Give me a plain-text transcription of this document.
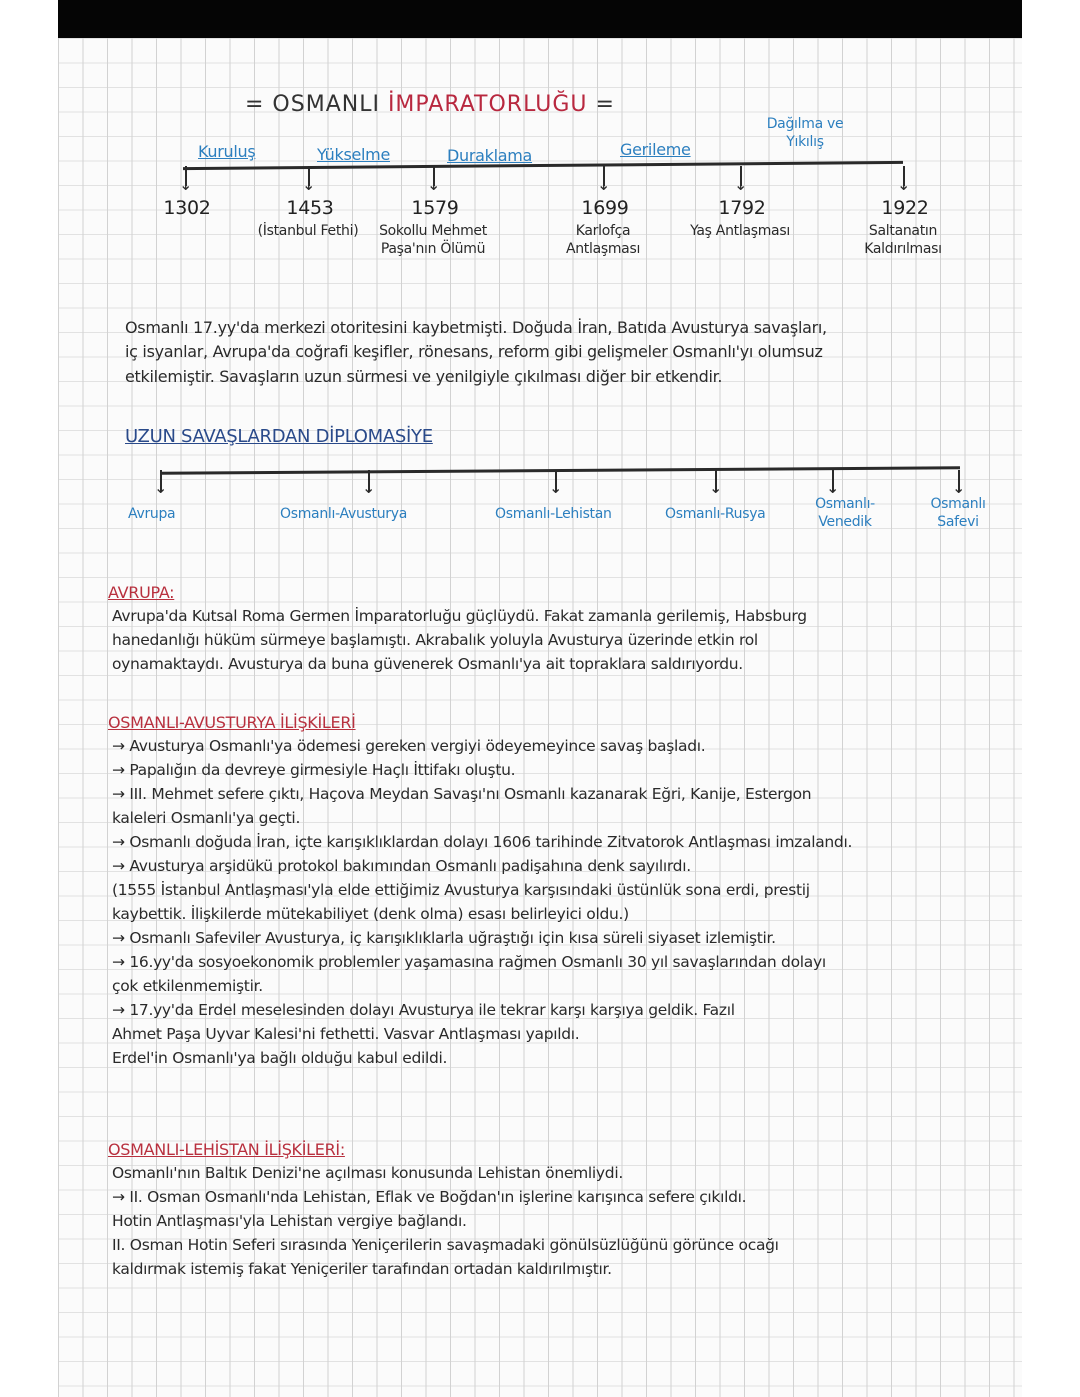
= OSMANLI İMPARATORLUĞU =
Kuruluş	Yükselme	Duraklama	Gerileme
Dağılma ve Yıkılış
↓
1302
↓
1453
(İstanbul Fethi)
↓
1579
Sokollu Mehmet Paşa'nın Ölümü
↓
1699
Karlofça Antlaşması
↓
1792
Yaş Antlaşması
↓
1922
Saltanatın Kaldırılması
Osmanlı 17.yy'da merkezi otoritesini kaybetmişti. Doğuda İran, Batıda Avusturya savaşları,
iç isyanlar, Avrupa'da coğrafi keşifler, rönesans, reform gibi gelişmeler Osmanlı'yı olumsuz
etkilemiştir. Savaşların uzun sürmesi ve yenilgiyle çıkılması diğer bir etkendir.
UZUN SAVAŞLARDAN DİPLOMASİYE
↓
Avrupa
↓
Osmanlı-Avusturya
↓
Osmanlı-Lehistan
↓
Osmanlı-Rusya
↓
Osmanlı-Venedik
↓
Osmanlı Safevi
AVRUPA:
Avrupa'da Kutsal Roma Germen İmparatorluğu güçlüydü. Fakat zamanla gerilemiş, Habsburg
hanedanlığı hüküm sürmeye başlamıştı. Akrabalık yoluyla Avusturya üzerinde etkin rol
oynamaktaydı. Avusturya da buna güvenerek Osmanlı'ya ait topraklara saldırıyordu.
OSMANLI-AVUSTURYA İLİŞKİLERİ
→ Avusturya Osmanlı'ya ödemesi gereken vergiyi ödeyemeyince savaş başladı.
→ Papalığın da devreye girmesiyle Haçlı İttifakı oluştu.
→ III. Mehmet sefere çıktı, Haçova Meydan Savaşı'nı Osmanlı kazanarak Eğri, Kanije, Estergon
kaleleri Osmanlı'ya geçti.
→ Osmanlı doğuda İran, içte karışıklıklardan dolayı 1606 tarihinde Zitvatorok Antlaşması imzalandı.
→ Avusturya arşidükü protokol bakımından Osmanlı padişahına denk sayılırdı.
(1555 İstanbul Antlaşması'yla elde ettiğimiz Avusturya karşısındaki üstünlük sona erdi, prestij
kaybettik. İlişkilerde mütekabiliyet (denk olma) esası belirleyici oldu.)
→ Osmanlı Safeviler Avusturya, iç karışıklıklarla uğraştığı için kısa süreli siyaset izlemiştir.
→ 16.yy'da sosyoekonomik problemler yaşamasına rağmen Osmanlı 30 yıl savaşlarından dolayı
çok etkilenmemiştir.
→ 17.yy'da Erdel meselesinden dolayı Avusturya ile tekrar karşı karşıya geldik. Fazıl
Ahmet Paşa Uyvar Kalesi'ni fethetti. Vasvar Antlaşması yapıldı.
Erdel'in Osmanlı'ya bağlı olduğu kabul edildi.
OSMANLI-LEHİSTAN İLİŞKİLERİ:
Osmanlı'nın Baltık Denizi'ne açılması konusunda Lehistan önemliydi.
→ II. Osman Osmanlı'nda Lehistan, Eflak ve Boğdan'ın işlerine karışınca sefere çıkıldı.
Hotin Antlaşması'yla Lehistan vergiye bağlandı.
II. Osman Hotin Seferi sırasında Yeniçerilerin savaşmadaki gönülsüzlüğünü görünce ocağı
kaldırmak istemiş fakat Yeniçeriler tarafından ortadan kaldırılmıştır.
